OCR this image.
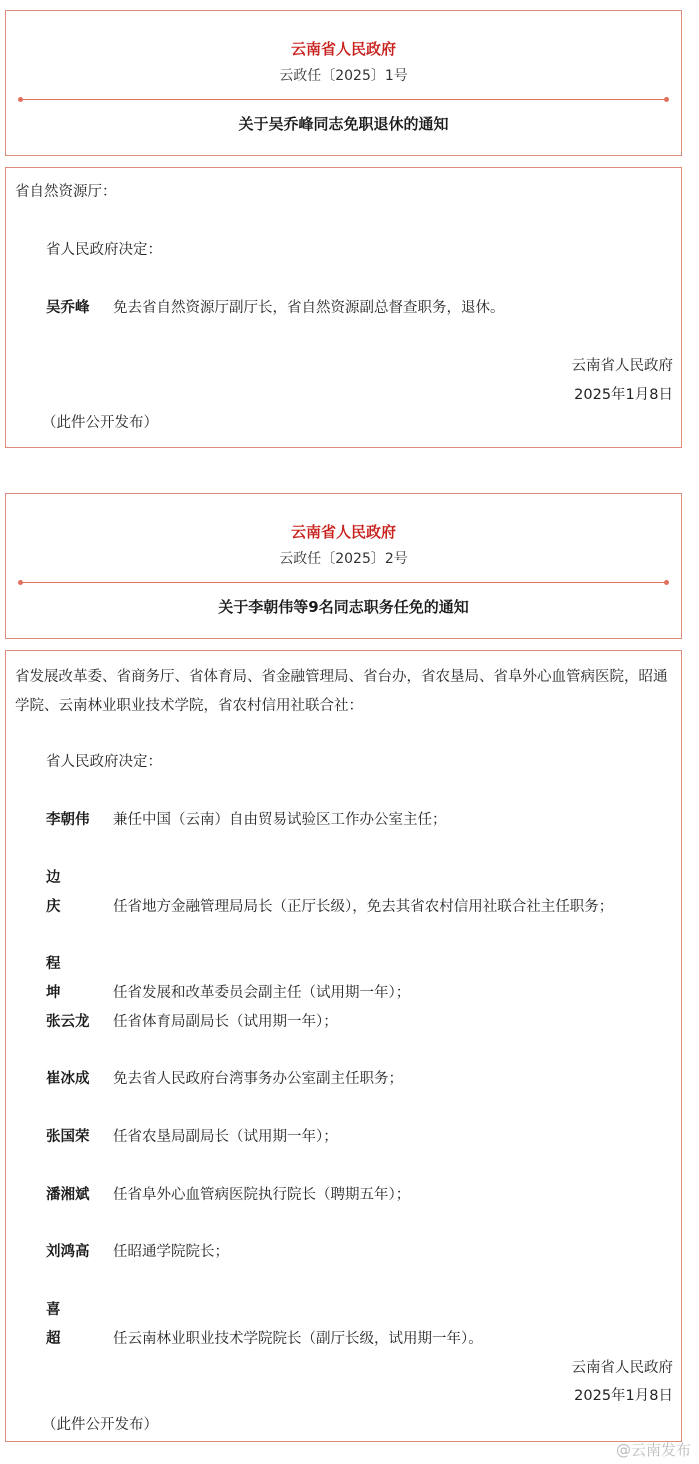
云南省人民政府
云政任〔2025〕1号
关于吴乔峰同志免职退休的通知
省自然资源厅：
省人民政府决定：
吴乔峰 免去省自然资源厅副厅长，省自然资源副总督查职务，退休。
云南省人民政府
2025年1月8日
（此件公开发布）
云南省人民政府
云政任〔2025〕2号
关于李朝伟等9名同志职务任免的通知
省发展改革委、省商务厅、省体育局、省金融管理局、省台办，省农垦局、省阜外心血管病医院，昭通学院、云南林业职业技术学院，省农村信用社联合社：
省人民政府决定：
李朝伟 兼任中国（云南）自由贸易试验区工作办公室主任；
边庆	任省地方金融管理局局长（正厅长级），免去其省农村信用社联合社主任职务；
程坤	任省发展和改革委员会副主任（试用期一年）；
张云龙 任省体育局副局长（试用期一年）；
崔冰成 免去省人民政府台湾事务办公室副主任职务；
张国荣 任省农垦局副局长（试用期一年）；
潘湘斌 任省阜外心血管病医院执行院长（聘期五年）；
刘鸿高 任昭通学院院长；
喜超	任云南林业职业技术学院院长（副厅长级，试用期一年）。
云南省人民政府
2025年1月8日
（此件公开发布）
@云南发布
